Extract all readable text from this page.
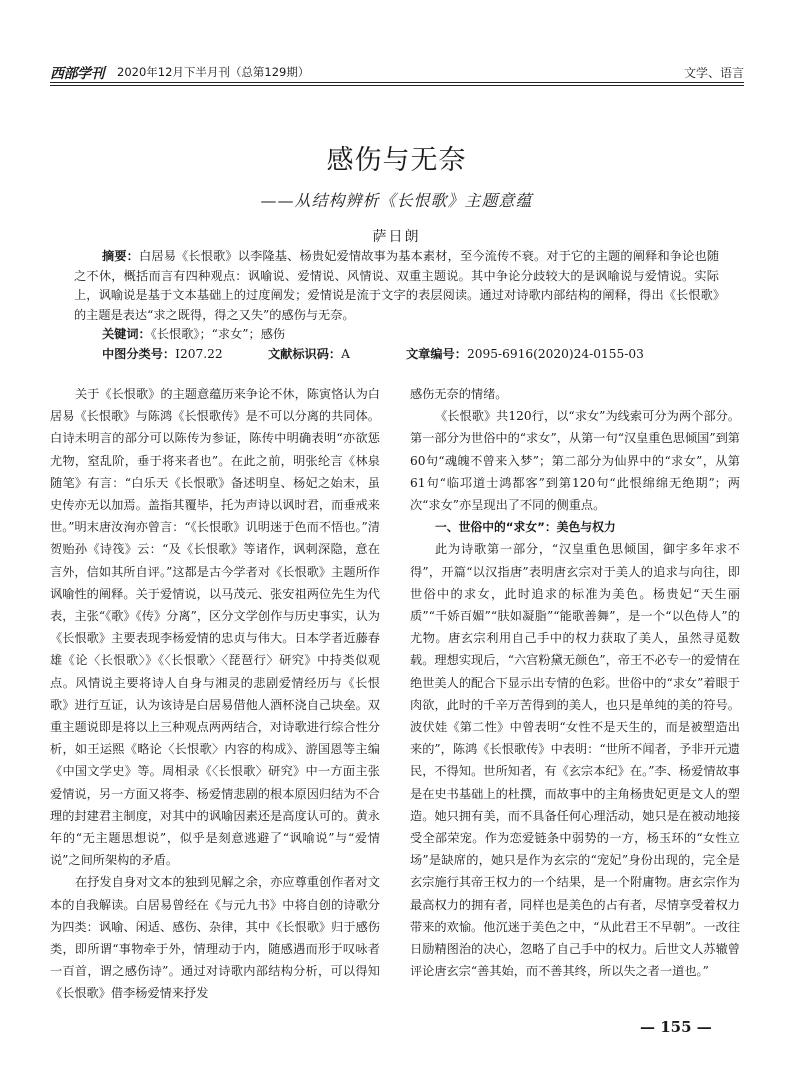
西部学刊 2020年12月下半月刊（总第129期）	文学、语言
感伤与无奈
——从结构辨析《长恨歌》主题意蕴
萨日朗
摘要：白居易《长恨歌》以李隆基、杨贵妃爱情故事为基本素材，至今流传不衰。对于它的主题的阐释和争论也随之不休，概括而言有四种观点：讽喻说、爱情说、风情说、双重主题说。其中争论分歧较大的是讽喻说与爱情说。实际上，讽喻说是基于文本基础上的过度阐发；爱情说是流于文字的表层阅读。通过对诗歌内部结构的阐释，得出《长恨歌》的主题是表达“求之既得，得之又失”的感伤与无奈。
关键词：《长恨歌》；“求女”；感伤
中图分类号：I207.22	文献标识码：A	文章编号：2095-6916(2020)24-0155-03

关于《长恨歌》的主题意蕴历来争论不休，陈寅恪认为白居易《长恨歌》与陈鸿《长恨歌传》是不可以分离的共同体。白诗未明言的部分可以陈传为参证，陈传中明确表明“亦欲惩尤物，窒乱阶，垂于将来者也”。在此之前，明张纶言《林泉随笔》有言：“白乐天《长恨歌》备述明皇、杨妃之始末，虽史传亦无以加焉。盖指其覆毕，托为声诗以讽时君，而垂戒来世。”明末唐汝洵亦曾言：“《长恨歌》讥明迷于色而不悟也。”清贺贻孙《诗筏》云：“及《长恨歌》等诸作，讽刺深隐，意在言外，信如其所自评。”这都是古今学者对《长恨歌》主题所作讽喻性的阐释。关于爱情说，以马茂元、张安祖两位先生为代表，主张“《歌》《传》分离”，区分文学创作与历史事实，认为《长恨歌》主要表现李杨爱情的忠贞与伟大。日本学者近藤春雄《论〈长恨歌〉》《〈长恨歌〉〈琵琶行〉研究》中持类似观点。风情说主要将诗人自身与湘灵的悲剧爱情经历与《长恨歌》进行互证，认为该诗是白居易借他人酒杯浇自己块垒。双重主题说即是将以上三种观点两两结合，对诗歌进行综合性分析，如王运熙《略论〈长恨歌〉内容的构成》、游国恩等主编《中国文学史》等。周相录《〈长恨歌〉研究》中一方面主张爱情说，另一方面又将李、杨爱情悲剧的根本原因归结为不合理的封建君主制度，对其中的讽喻因素还是高度认可的。黄永年的“无主题思想说”，似乎是刻意逃避了“讽喻说”与“爱情说”之间所架构的矛盾。

在抒发自身对文本的独到见解之余，亦应尊重创作者对文本的自我解读。白居易曾经在《与元九书》中将自创的诗歌分为四类：讽喻、闲适、感伤、杂律，其中《长恨歌》归于感伤类，即所谓“事物牵于外，情理动于内，随感遇而形于叹咏者一百首，谓之感伤诗”。通过对诗歌内部结构分析，可以得知《长恨歌》借李杨爱情来抒发

感伤无奈的情绪。

《长恨歌》共120行，以“求女”为线索可分为两个部分。第一部分为世俗中的“求女”，从第一句“汉皇重色思倾国”到第60句“魂魄不曾来入梦”；第二部分为仙界中的“求女”，从第61句“临邛道士鸿都客”到第120句“此恨绵绵无绝期”；两次“求女”亦呈现出了不同的侧重点。

一、世俗中的“求女”：美色与权力

此为诗歌第一部分，“汉皇重色思倾国，御宇多年求不得”，开篇“以汉指唐”表明唐玄宗对于美人的追求与向往，即世俗中的求女，此时追求的标准为美色。杨贵妃“天生丽质”“千娇百媚”“肤如凝脂”“能歌善舞”，是一个“以色侍人”的尤物。唐玄宗利用自己手中的权力获取了美人，虽然寻觅数载。理想实现后，“六宫粉黛无颜色”，帝王不必专一的爱情在绝世美人的配合下显示出专情的色彩。世俗中的“求女”着眼于肉欲，此时的千辛万苦得到的美人，也只是单纯的美的符号。波伏娃《第二性》中曾表明“女性不是天生的，而是被塑造出来的”，陈鸿《长恨歌传》中表明：“世所不闻者，予非开元遗民，不得知。世所知者，有《玄宗本纪》在。”李、杨爱情故事是在史书基础上的杜撰，而故事中的主角杨贵妃更是文人的塑造。她只拥有美，而不具备任何心理活动，她只是在被动地接受全部荣宠。作为恋爱链条中弱势的一方，杨玉环的“女性立场”是缺席的，她只是作为玄宗的“宠妃”身份出现的，完全是玄宗施行其帝王权力的一个结果，是一个附庸物。唐玄宗作为最高权力的拥有者，同样也是美色的占有者，尽情享受着权力带来的欢愉。他沉迷于美色之中，“从此君王不早朝”。一改往日励精图治的决心，忽略了自己手中的权力。后世文人苏辙曾评论唐玄宗“善其始，而不善其终，所以失之者一道也。”

— 155 —
